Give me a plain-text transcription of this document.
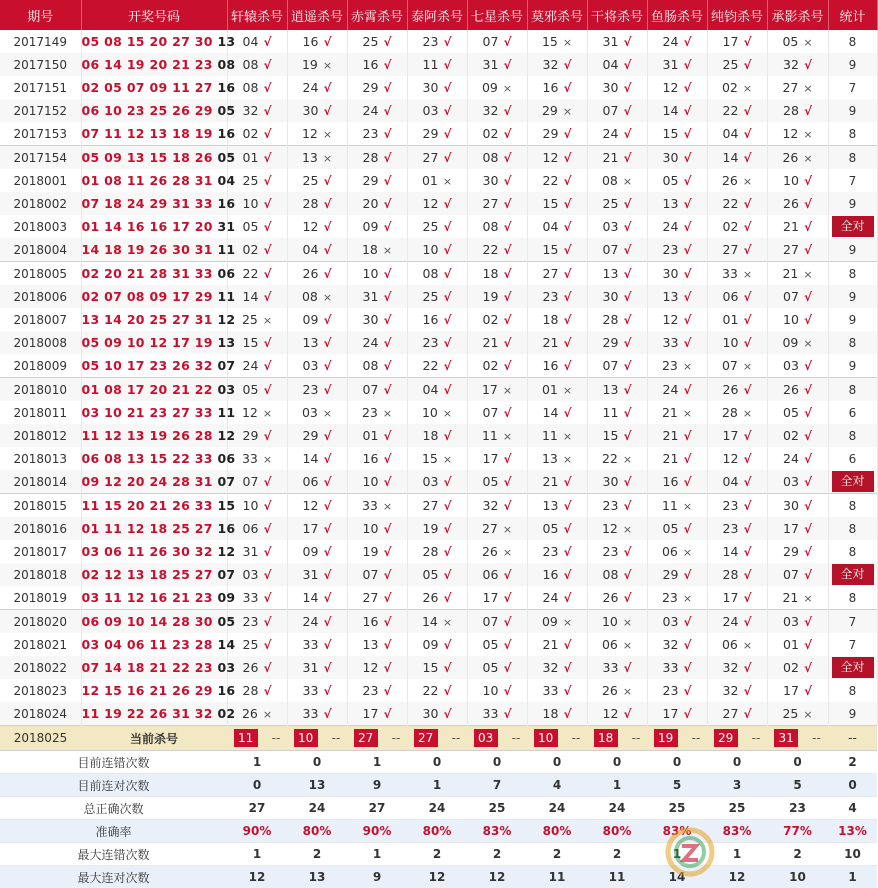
期号	开奖号码	轩辕杀号	逍遥杀号	赤霄杀号	泰阿杀号	七星杀号	莫邪杀号	干将杀号	鱼肠杀号	纯钧杀号	承影杀号	统计
2017149	05 08 15 20 27 30 13	04 √	16 √	25 √	23 √	07 √	15 ×	31 √	24 √	17 √	05 ×	8
2017150	06 14 19 20 21 23 08	08 √	19 ×	16 √	11 √	31 √	32 √	04 √	31 √	25 √	32 √	9
2017151	02 05 07 09 11 27 16	08 √	24 √	29 √	30 √	09 ×	16 √	30 √	12 √	02 ×	27 ×	7
2017152	06 10 23 25 26 29 05	32 √	30 √	24 √	03 √	32 √	29 ×	07 √	14 √	22 √	28 √	9
2017153	07 11 12 13 18 19 16	02 √	12 ×	23 √	29 √	02 √	29 √	24 √	15 √	04 √	12 ×	8
2017154	05 09 13 15 18 26 05	01 √	13 ×	28 √	27 √	08 √	12 √	21 √	30 √	14 √	26 ×	8
2018001	01 08 11 26 28 31 04	25 √	25 √	29 √	01 ×	30 √	22 √	08 ×	05 √	26 ×	10 √	7
2018002	07 18 24 29 31 33 16	10 √	28 √	20 √	12 √	27 √	15 √	25 √	13 √	22 √	26 √	9
2018003	01 14 16 16 17 20 31	05 √	12 √	09 √	25 √	08 √	04 √	03 √	24 √	02 √	21 √	全对
2018004	14 18 19 26 30 31 11	02 √	04 √	18 ×	10 √	22 √	15 √	07 √	23 √	27 √	27 √	9
2018005	02 20 21 28 31 33 06	22 √	26 √	10 √	08 √	18 √	27 √	13 √	30 √	33 ×	21 ×	8
2018006	02 07 08 09 17 29 11	14 √	08 ×	31 √	25 √	19 √	23 √	30 √	13 √	06 √	07 √	9
2018007	13 14 20 25 27 31 12	25 ×	09 √	30 √	16 √	02 √	18 √	28 √	12 √	01 √	10 √	9
2018008	05 09 10 12 17 19 13	15 √	13 √	24 √	23 √	21 √	21 √	29 √	33 √	10 √	09 ×	8
2018009	05 10 17 23 26 32 07	24 √	03 √	08 √	22 √	02 √	16 √	07 √	23 ×	07 ×	03 √	9
2018010	01 08 17 20 21 22 03	05 √	23 √	07 √	04 √	17 ×	01 ×	13 √	24 √	26 √	26 √	8
2018011	03 10 21 23 27 33 11	12 ×	03 ×	23 ×	10 ×	07 √	14 √	11 √	21 ×	28 ×	05 √	6
2018012	11 12 13 19 26 28 12	29 √	29 √	01 √	18 √	11 ×	11 ×	15 √	21 √	17 √	02 √	8
2018013	06 08 13 15 22 33 06	33 ×	14 √	16 √	15 ×	17 √	13 ×	22 ×	21 √	12 √	24 √	6
2018014	09 12 20 24 28 31 07	07 √	06 √	10 √	03 √	05 √	21 √	30 √	16 √	04 √	03 √	全对
2018015	11 15 20 21 26 33 15	10 √	12 √	33 ×	27 √	32 √	13 √	23 √	11 ×	23 √	30 √	8
2018016	01 11 12 18 25 27 16	06 √	17 √	10 √	19 √	27 ×	05 √	12 ×	05 √	23 √	17 √	8
2018017	03 06 11 26 30 32 12	31 √	09 √	19 √	28 √	26 ×	23 √	23 √	06 ×	14 √	29 √	8
2018018	02 12 13 18 25 27 07	03 √	31 √	07 √	05 √	06 √	16 √	08 √	29 √	28 √	07 √	全对
2018019	03 11 12 16 21 23 09	33 √	14 √	27 √	26 √	17 √	24 √	26 √	23 ×	17 √	21 ×	8
2018020	06 09 10 14 28 30 05	23 √	24 √	16 √	14 ×	07 √	09 ×	10 ×	03 √	24 √	03 √	7
2018021	03 04 06 11 23 28 14	25 √	33 √	13 √	09 √	05 √	21 √	06 ×	32 √	06 ×	01 √	7
2018022	07 14 18 21 22 23 03	26 √	31 √	12 √	15 √	05 √	32 √	33 √	33 √	32 √	02 √	全对
2018023	12 15 16 21 26 29 16	28 √	33 √	23 √	22 √	10 √	33 √	26 ×	23 √	32 √	17 √	8
2018024	11 19 22 26 31 32 02	26 ×	33 √	17 √	30 √	33 √	18 √	12 √	17 √	27 √	25 ×	9
2018025	当前杀号	11 --	10 --	27 --	27 --	03 --	10 --	18 --	19 --	29 --	31 --	--
目前连错次数		1	0	1	0	0	0	0	0	0	0	2
目前连对次数		0	13	9	1	7	4	1	5	3	5	0
总正确次数		27	24	27	24	25	24	24	25	25	23	4
准确率		90%	80%	90%	80%	83%	80%	80%	83%	83%	77%	13%
最大连错次数		1	2	1	2	2	2	2	1	1	2	10
最大连对次数		12	13	9	12	12	11	11	14	12	10	1
